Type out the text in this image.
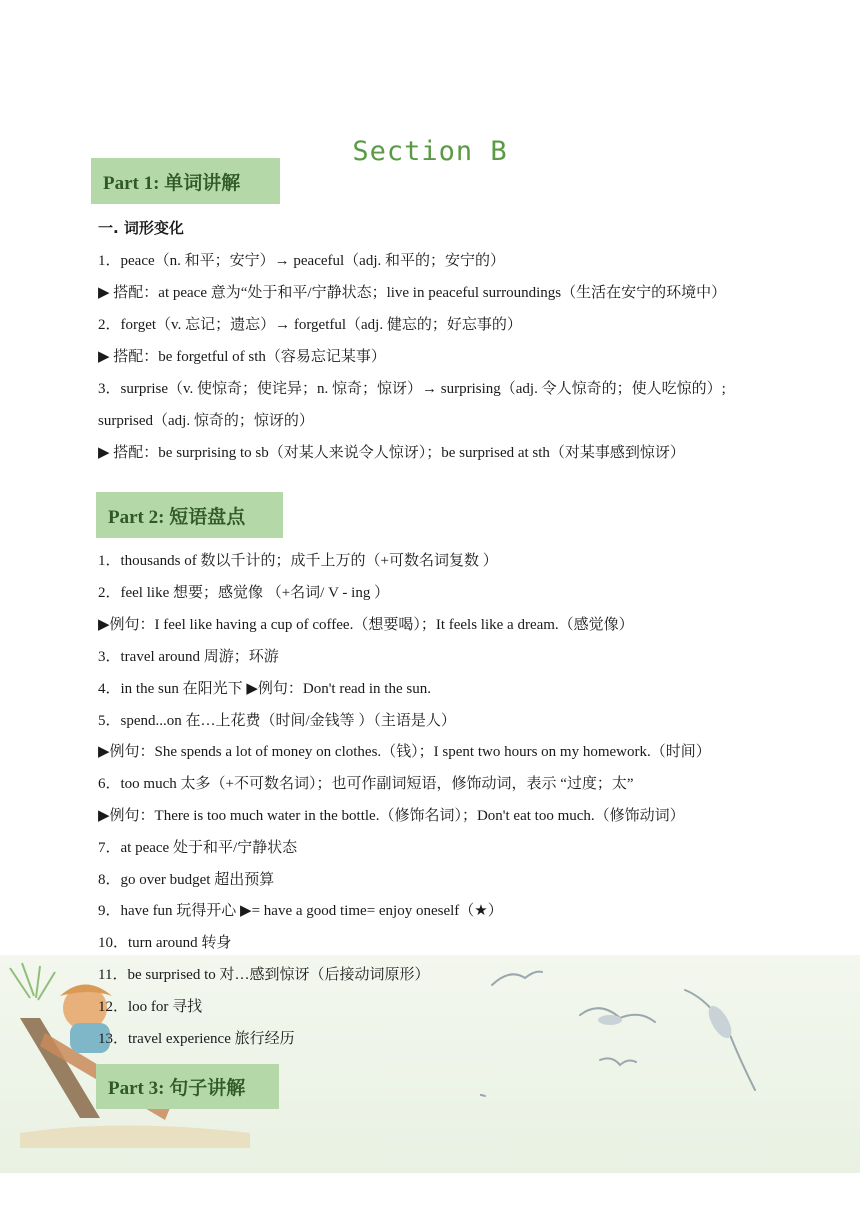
Section B
Part 1: 单词讲解
一. 词形变化
1．peace（n. 和平；安宁）→ peaceful（adj. 和平的；安宁的）
▶ 搭配：at peace 意为“处于和平/宁静状态；live in peaceful surroundings（生活在安宁的环境中）
2．forget（v. 忘记；遗忘）→ forgetful（adj. 健忘的；好忘事的）
▶ 搭配：be forgetful of sth（容易忘记某事）
3．surprise（v. 使惊奇；使诧异；n. 惊奇；惊讶）→ surprising（adj. 令人惊奇的；使人吃惊的）;
surprised（adj. 惊奇的；惊讶的）
▶ 搭配：be surprising to sb（对某人来说令人惊讶）；be surprised at sth（对某事感到惊讶）
Part 2: 短语盘点
1．thousands of 数以千计的；成千上万的（+可数名词复数 ）
2．feel like 想要；感觉像 （+名词/ V - ing ）
▶例句：I feel like having a cup of coffee.（想要喝）；It feels like a dream.（感觉像）
3．travel around 周游；环游
4．in the sun 在阳光下 ▶例句：Don't read in the sun.
5．spend...on 在…上花费（时间/金钱等 ）（主语是人）
▶例句：She spends a lot of money on clothes.（钱）；I spent two hours on my homework.（时间）
6．too much 太多（+不可数名词）；也可作副词短语，修饰动词，表示 “过度；太”
▶例句：There is too much water in the bottle.（修饰名词）；Don't eat too much.（修饰动词）
7．at peace 处于和平/宁静状态
8．go over budget 超出预算
9．have fun 玩得开心 ▶= have a good time= enjoy oneself（★）
10．turn around 转身
11．be surprised to 对…感到惊讶（后接动词原形）
12．loo for 寻找
13．travel experience 旅行经历
Part 3: 句子讲解
